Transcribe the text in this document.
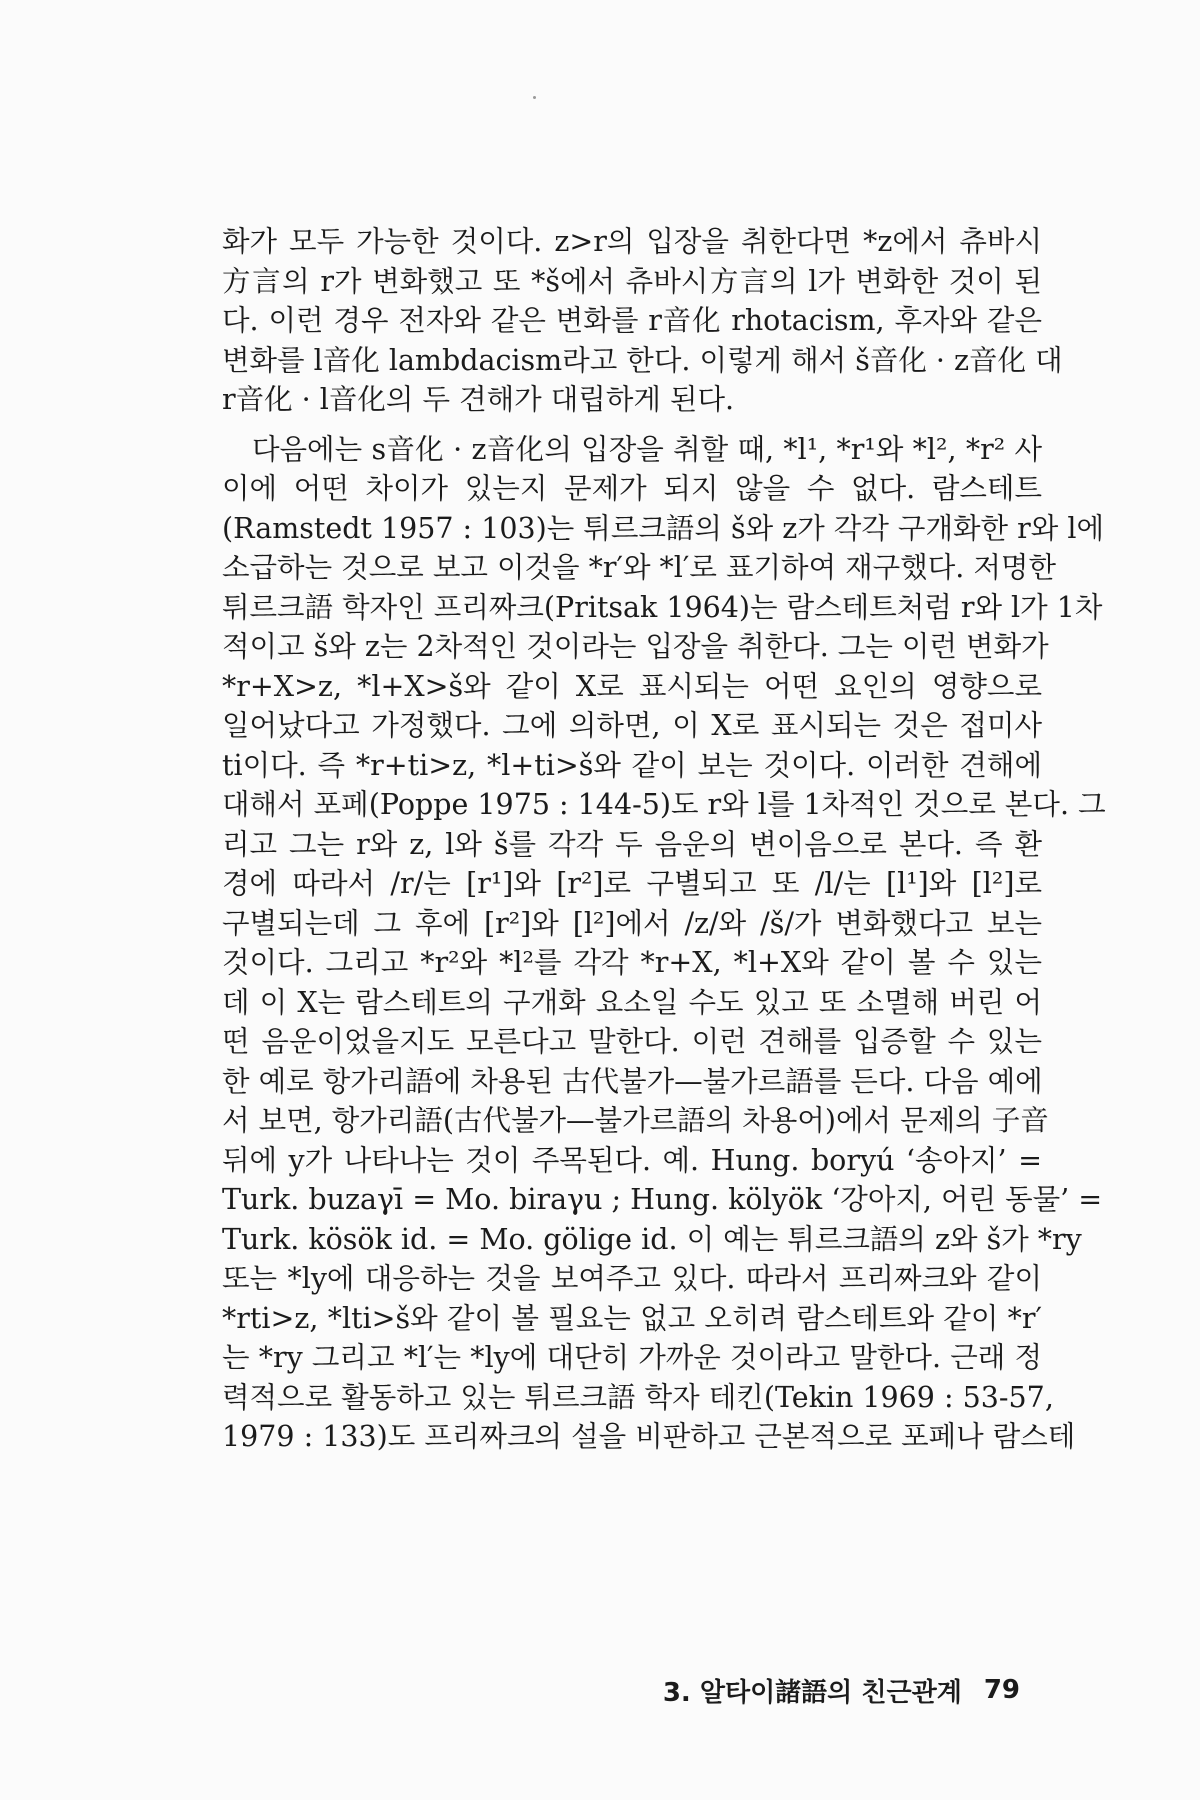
화가 모두 가능한 것이다. z>r의 입장을 취한다면 *z에서 츄바시
方言의 r가 변화했고 또 *š에서 츄바시方言의 l가 변화한 것이 된
다. 이런 경우 전자와 같은 변화를 r音化 rhotacism, 후자와 같은
변화를 l音化 lambdacism라고 한다. 이렇게 해서 š音化 · z音化 대
r音化 · l音化의 두 견해가 대립하게 된다.
다음에는 s音化 · z音化의 입장을 취할 때, *l¹, *r¹와 *l², *r² 사
이에 어떤 차이가 있는지 문제가 되지 않을 수 없다. 람스테트
(Ramstedt 1957 : 103)는 튀르크語의 š와 z가 각각 구개화한 r와 l에
소급하는 것으로 보고 이것을 *r′와 *l′로 표기하여 재구했다. 저명한
튀르크語 학자인 프리짜크(Pritsak 1964)는 람스테트처럼 r와 l가 1차
적이고 š와 z는 2차적인 것이라는 입장을 취한다. 그는 이런 변화가
*r+X>z, *l+X>š와 같이 X로 표시되는 어떤 요인의 영향으로
일어났다고 가정했다. 그에 의하면, 이 X로 표시되는 것은 접미사
ti이다. 즉 *r+ti>z, *l+ti>š와 같이 보는 것이다. 이러한 견해에
대해서 포페(Poppe 1975 : 144-5)도 r와 l를 1차적인 것으로 본다. 그
리고 그는 r와 z, l와 š를 각각 두 음운의 변이음으로 본다. 즉 환
경에 따라서 /r/는 [r¹]와 [r²]로 구별되고 또 /l/는 [l¹]와 [l²]로
구별되는데 그 후에 [r²]와 [l²]에서 /z/와 /š/가 변화했다고 보는
것이다. 그리고 *r²와 *l²를 각각 *r+X, *l+X와 같이 볼 수 있는
데 이 X는 람스테트의 구개화 요소일 수도 있고 또 소멸해 버린 어
떤 음운이었을지도 모른다고 말한다. 이런 견해를 입증할 수 있는
한 예로 항가리語에 차용된 古代불가—불가르語를 든다. 다음 예에
서 보면, 항가리語(古代불가—불가르語의 차용어)에서 문제의 子音
뒤에 y가 나타나는 것이 주목된다. 예. Hung. boryú ‘송아지’ =
Turk. buzaγī = Mo. biraγu ; Hung. kölyök ‘강아지, 어린 동물’ =
Turk. kösök id. = Mo. gölige id. 이 예는 튀르크語의 z와 š가 *ry
또는 *ly에 대응하는 것을 보여주고 있다. 따라서 프리짜크와 같이
*rti>z, *lti>š와 같이 볼 필요는 없고 오히려 람스테트와 같이 *r′
는 *ry 그리고 *l′는 *ly에 대단히 가까운 것이라고 말한다. 근래 정
력적으로 활동하고 있는 튀르크語 학자 테킨(Tekin 1969 : 53-57,
1979 : 133)도 프리짜크의 설을 비판하고 근본적으로 포페나 람스테
3. 알타이諸語의 친근관계 79
